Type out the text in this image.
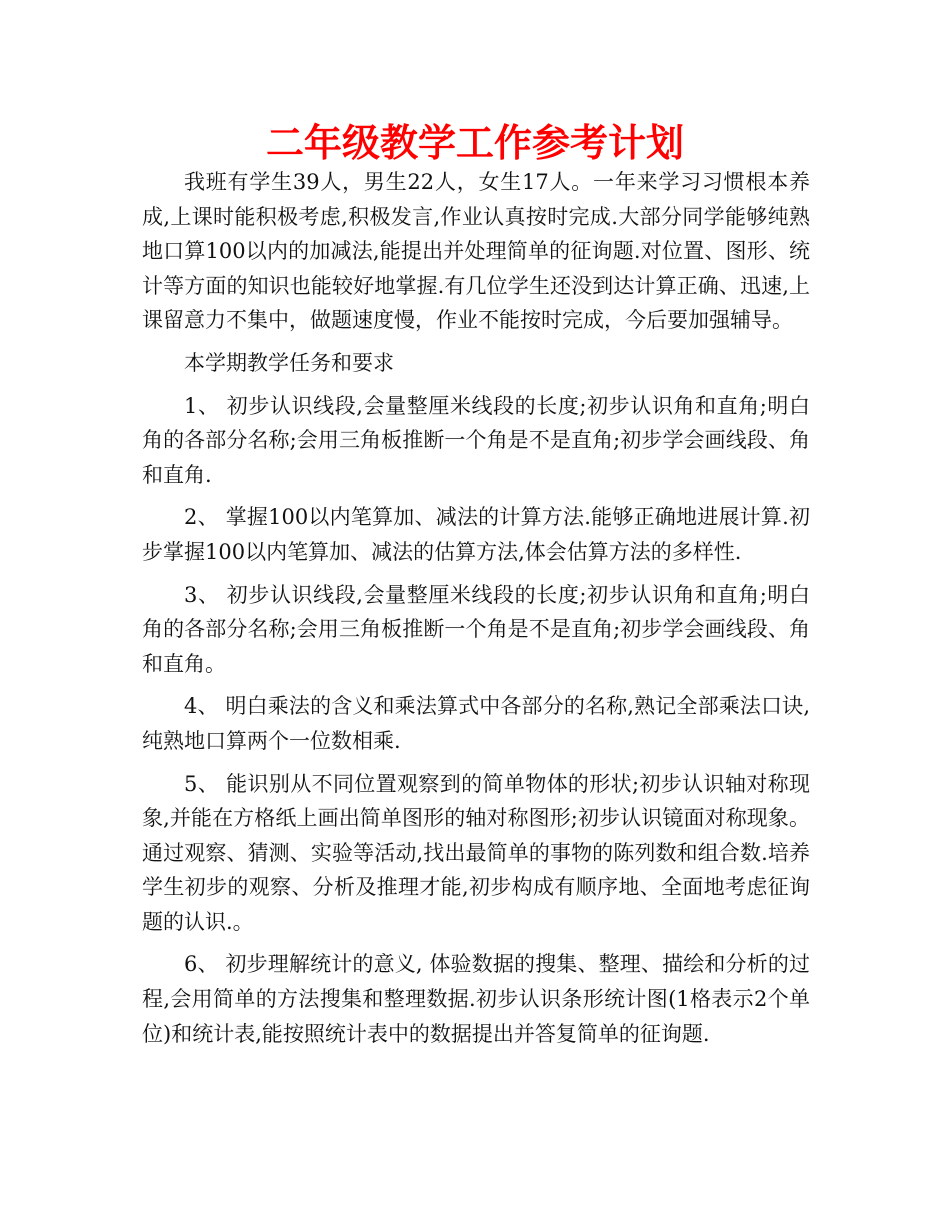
二年级教学工作参考计划

我班有学生39人，男生22人，女生17人。一年来学习习惯根本养成,上课时能积极考虑,积极发言,作业认真按时完成.大部分同学能够纯熟地口算100以内的加减法,能提出并处理简单的征询题.对位置、图形、统计等方面的知识也能较好地掌握.有几位学生还没到达计算正确、迅速,上课留意力不集中，做题速度慢，作业不能按时完成，今后要加强辅导。

本学期教学任务和要求

1、 初步认识线段,会量整厘米线段的长度;初步认识角和直角;明白角的各部分名称;会用三角板推断一个角是不是直角;初步学会画线段、角和直角.

2、 掌握100以内笔算加、减法的计算方法.能够正确地进展计算.初步掌握100以内笔算加、减法的估算方法,体会估算方法的多样性.

3、 初步认识线段,会量整厘米线段的长度;初步认识角和直角;明白角的各部分名称;会用三角板推断一个角是不是直角;初步学会画线段、角和直角。

4、 明白乘法的含义和乘法算式中各部分的名称,熟记全部乘法口诀,纯熟地口算两个一位数相乘.

5、 能识别从不同位置观察到的简单物体的形状;初步认识轴对称现象,并能在方格纸上画出简单图形的轴对称图形;初步认识镜面对称现象。通过观察、猜测、实验等活动,找出最简单的事物的陈列数和组合数.培养学生初步的观察、分析及推理才能,初步构成有顺序地、全面地考虑征询题的认识.。

6、 初步理解统计的意义, 体验数据的搜集、整理、描绘和分析的过程,会用简单的方法搜集和整理数据.初步认识条形统计图(1格表示2个单位)和统计表,能按照统计表中的数据提出并答复简单的征询题.
